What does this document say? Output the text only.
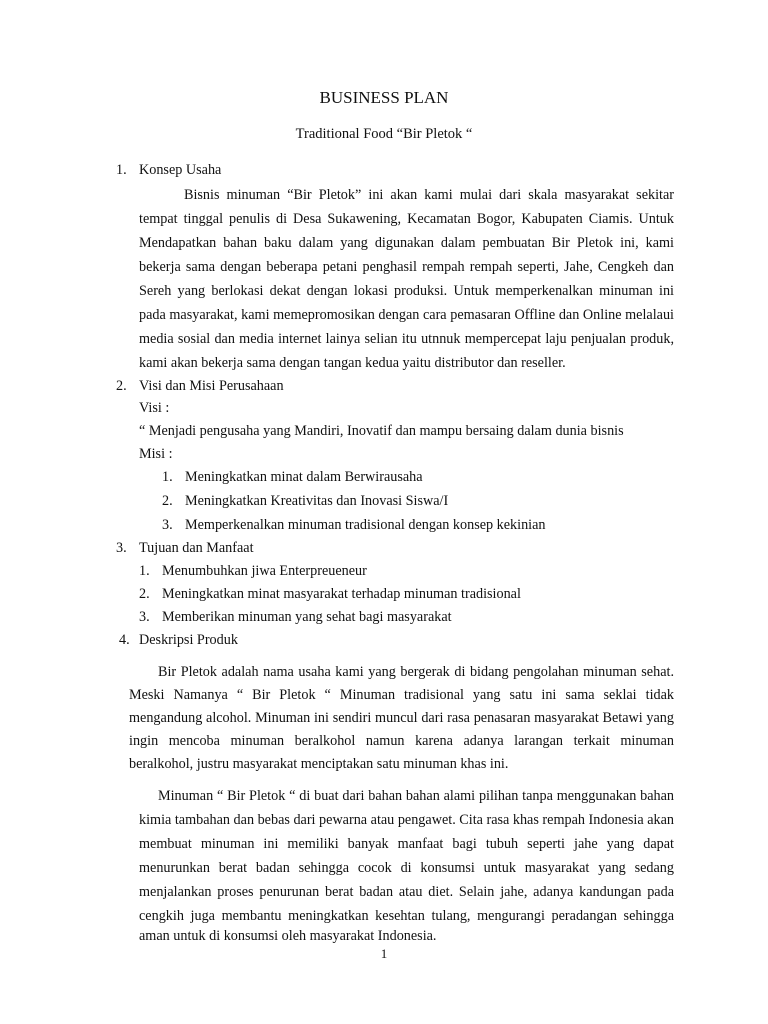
BUSINESS PLAN
Traditional Food “Bir Pletok “
1. Konsep Usaha
Bisnis minuman “Bir Pletok” ini akan kami mulai dari skala masyarakat sekitar
tempat tinggal penulis di Desa Sukawening, Kecamatan Bogor, Kabupaten Ciamis. Untuk
Mendapatkan bahan baku dalam yang digunakan dalam pembuatan Bir Pletok ini, kami
bekerja sama dengan beberapa petani penghasil rempah rempah seperti, Jahe, Cengkeh dan
Sereh yang berlokasi dekat dengan lokasi produksi. Untuk memperkenalkan minuman ini
pada masyarakat, kami memepromosikan dengan cara pemasaran Offline dan Online melalaui
media sosial dan media internet lainya selian itu utnnuk mempercepat laju penjualan produk,
kami akan bekerja sama dengan tangan kedua yaitu distributor dan reseller.
2. Visi dan Misi Perusahaan
Visi :
“ Menjadi pengusaha yang Mandiri, Inovatif dan mampu bersaing dalam dunia bisnis
Misi :
1. Meningkatkan minat dalam Berwirausaha
2. Meningkatkan Kreativitas dan Inovasi Siswa/I
3. Memperkenalkan minuman tradisional dengan konsep kekinian
3. Tujuan dan Manfaat
1. Menumbuhkan jiwa Enterpreueneur
2. Meningkatkan minat masyarakat terhadap minuman tradisional
3. Memberikan minuman yang sehat bagi masyarakat
4. Deskripsi Produk
Bir Pletok adalah nama usaha kami yang bergerak di bidang pengolahan minuman sehat.
Meski Namanya “ Bir Pletok “ Minuman tradisional yang satu ini sama seklai tidak
mengandung alcohol. Minuman ini sendiri muncul dari rasa penasaran masyarakat Betawi yang
ingin mencoba minuman beralkohol namun karena adanya larangan terkait minuman
beralkohol, justru masyarakat menciptakan satu minuman khas ini.
Minuman “ Bir Pletok “ di buat dari bahan bahan alami pilihan tanpa menggunakan bahan
kimia tambahan dan bebas dari pewarna atau pengawet. Cita rasa khas rempah Indonesia akan
membuat minuman ini memiliki banyak manfaat bagi tubuh seperti jahe yang dapat
menurunkan berat badan sehingga cocok di konsumsi untuk masyarakat yang sedang
menjalankan proses penurunan berat badan atau diet. Selain jahe, adanya kandungan pada
cengkih juga membantu meningkatkan kesehtan tulang, mengurangi peradangan sehingga
aman untuk di konsumsi oleh masyarakat Indonesia.
1
